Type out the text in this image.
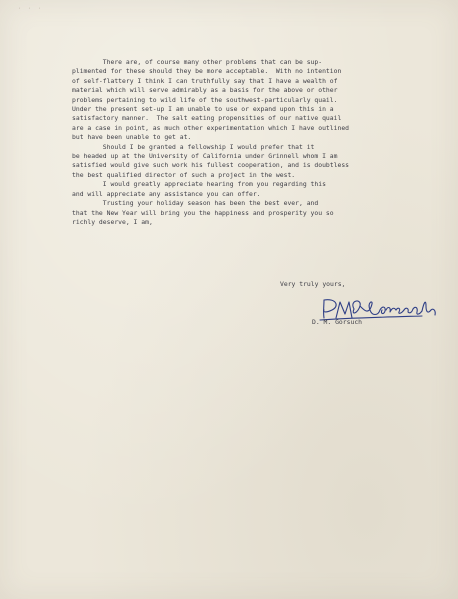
· · ·
There are, of course many other problems that can be sup-
plimented for these should they be more acceptable.  With no intention
of self-flattery I think I can truthfully say that I have a wealth of
material which will serve admirably as a basis for the above or other
problems pertaining to wild life of the southwest-particularly quail.
Under the present set-up I am unable to use or expand upon this in a
satisfactory manner.  The salt eating propensities of our native quail
are a case in point, as much other experimentation which I have outlined
but have been unable to get at.
Should I be granted a fellowship I would prefer that it
be headed up at the University of California under Grinnell whom I am
satisfied would give such work his fullest cooperation, and is doubtless
the best qualified director of such a project in the west.
I would greatly appreciate hearing from you regarding this
and will appreciate any assistance you can offer.
Trusting your holiday season has been the best ever, and
that the New Year will bring you the happiness and prosperity you so
richly deserve, I am,
Very truly yours,
D. M. Gorsuch
